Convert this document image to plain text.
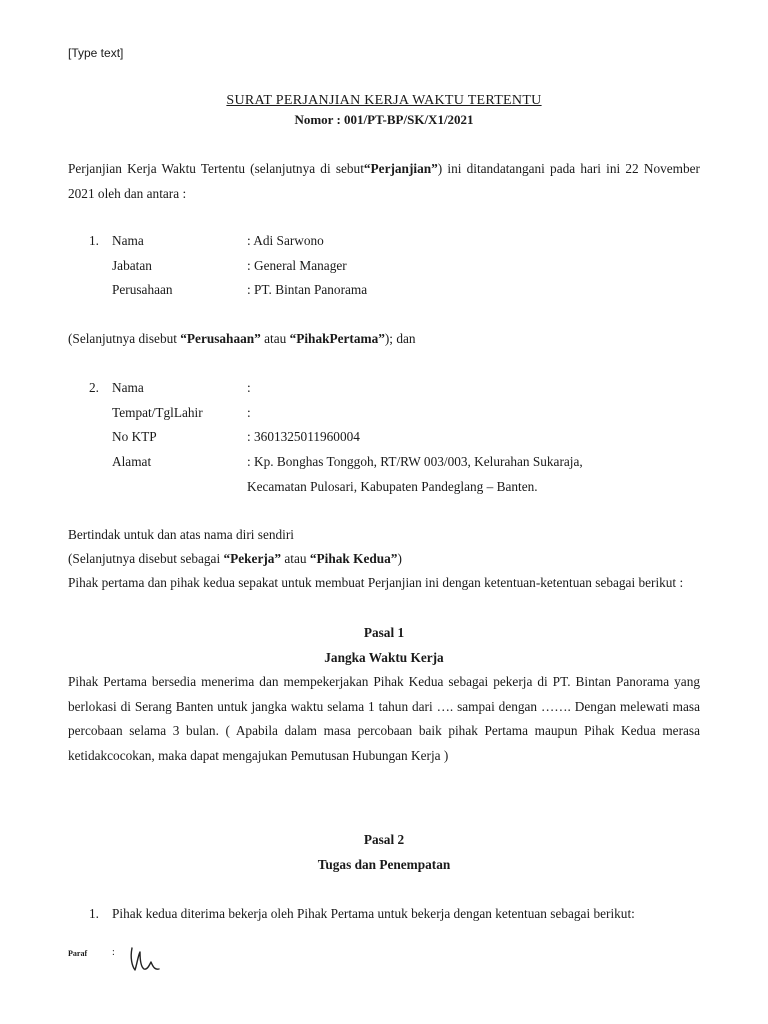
[Type text]
SURAT PERJANJIAN KERJA WAKTU TERTENTU
Nomor : 001/PT-BP/SK/X1/2021
Perjanjian Kerja Waktu Tertentu (selanjutnya di sebut“Perjanjian”) ini ditandatangani pada hari ini 22 November 2021 oleh dan antara :
1. Nama	: Adi Sarwono
Jabatan	: General Manager
Perusahaan	: PT. Bintan Panorama
(Selanjutnya disebut “Perusahaan” atau “PihakPertama”); dan
2. Nama	:
Tempat/TglLahir	:
No KTP	: 3601325011960004
Alamat	: Kp. Bonghas Tonggoh, RT/RW 003/003, Kelurahan Sukaraja,
Kecamatan Pulosari, Kabupaten Pandeglang – Banten.
Bertindak untuk dan atas nama diri sendiri
(Selanjutnya disebut sebagai “Pekerja” atau “Pihak Kedua”)
Pihak pertama dan pihak kedua sepakat untuk membuat Perjanjian ini dengan ketentuan-ketentuan sebagai berikut :
Pasal 1
Jangka Waktu Kerja
Pihak Pertama bersedia menerima dan mempekerjakan Pihak Kedua sebagai pekerja di PT. Bintan Panorama yang berlokasi di Serang Banten untuk jangka waktu selama 1 tahun dari …. sampai dengan ……. Dengan melewati masa percobaan selama 3 bulan. ( Apabila dalam masa percobaan baik pihak Pertama maupun Pihak Kedua merasa ketidakcocokan, maka dapat mengajukan Pemutusan Hubungan Kerja )
Pasal 2
Tugas dan Penempatan
1. Pihak kedua diterima bekerja oleh Pihak Pertama untuk bekerja dengan ketentuan sebagai berikut:
Paraf :
